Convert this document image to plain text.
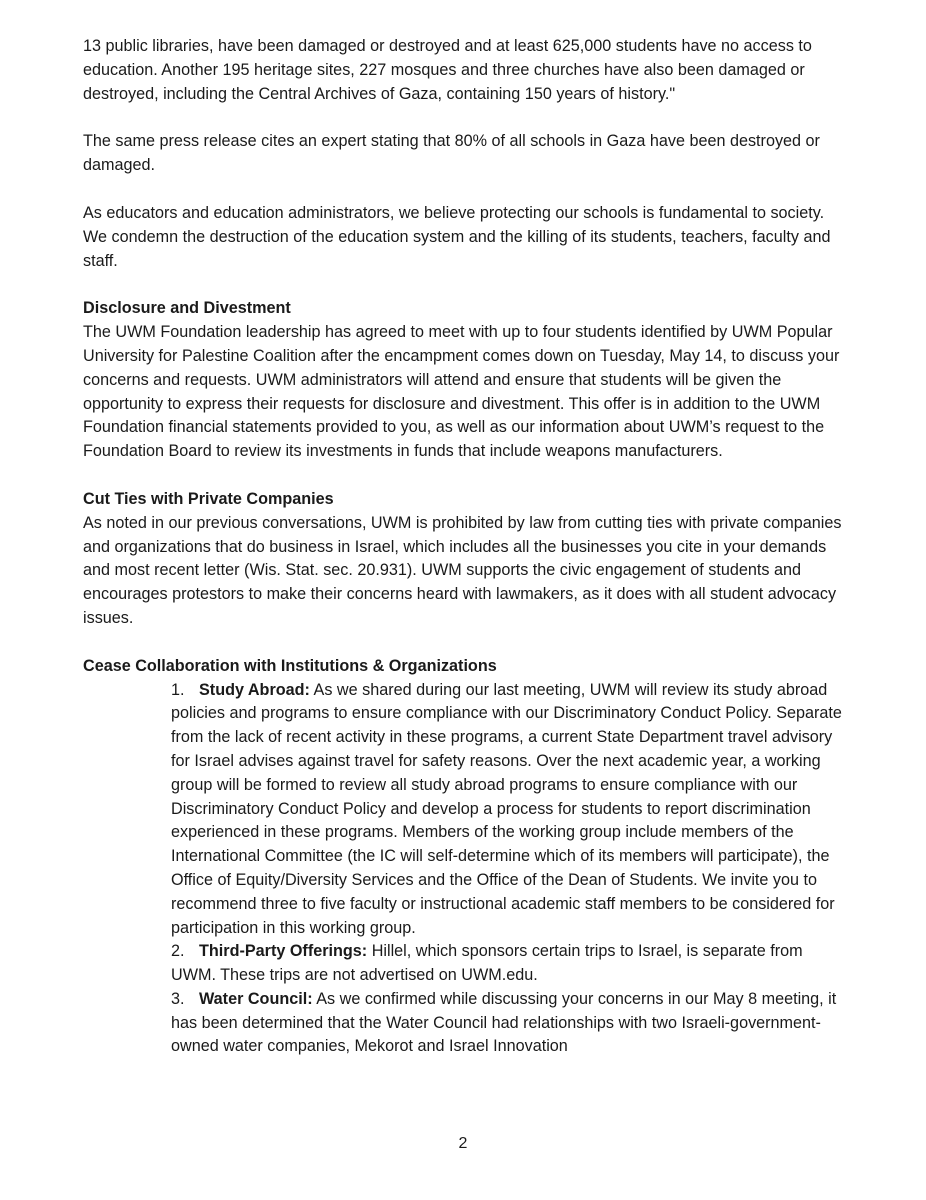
13 public libraries, have been damaged or destroyed and at least 625,000 students have no access to education. Another 195 heritage sites, 227 mosques and three churches have also been damaged or destroyed, including the Central Archives of Gaza, containing 150 years of history."

The same press release cites an expert stating that 80% of all schools in Gaza have been destroyed or damaged.

As educators and education administrators, we believe protecting our schools is fundamental to society. We condemn the destruction of the education system and the killing of its students, teachers, faculty and staff.

Disclosure and Divestment
The UWM Foundation leadership has agreed to meet with up to four students identified by UWM Popular University for Palestine Coalition after the encampment comes down on Tuesday, May 14, to discuss your concerns and requests. UWM administrators will attend and ensure that students will be given the opportunity to express their requests for disclosure and divestment. This offer is in addition to the UWM Foundation financial statements provided to you, as well as our information about UWM’s request to the Foundation Board to review its investments in funds that include weapons manufacturers.
Cut Ties with Private Companies
As noted in our previous conversations, UWM is prohibited by law from cutting ties with private companies and organizations that do business in Israel, which includes all the businesses you cite in your demands and most recent letter (Wis. Stat. sec. 20.931). UWM supports the civic engagement of students and encourages protestors to make their concerns heard with lawmakers, as it does with all student advocacy issues.
Cease Collaboration with Institutions & Organizations
1. Study Abroad: As we shared during our last meeting, UWM will review its study abroad policies and programs to ensure compliance with our Discriminatory Conduct Policy. Separate from the lack of recent activity in these programs, a current State Department travel advisory for Israel advises against travel for safety reasons. Over the next academic year, a working group will be formed to review all study abroad programs to ensure compliance with our Discriminatory Conduct Policy and develop a process for students to report discrimination experienced in these programs. Members of the working group include members of the International Committee (the IC will self-determine which of its members will participate), the Office of Equity/Diversity Services and the Office of the Dean of Students. We invite you to recommend three to five faculty or instructional academic staff members to be considered for participation in this working group.
2. Third-Party Offerings: Hillel, which sponsors certain trips to Israel, is separate from UWM. These trips are not advertised on UWM.edu.
3. Water Council: As we confirmed while discussing your concerns in our May 8 meeting, it has been determined that the Water Council had relationships with two Israeli-government-owned water companies, Mekorot and Israel Innovation
2
